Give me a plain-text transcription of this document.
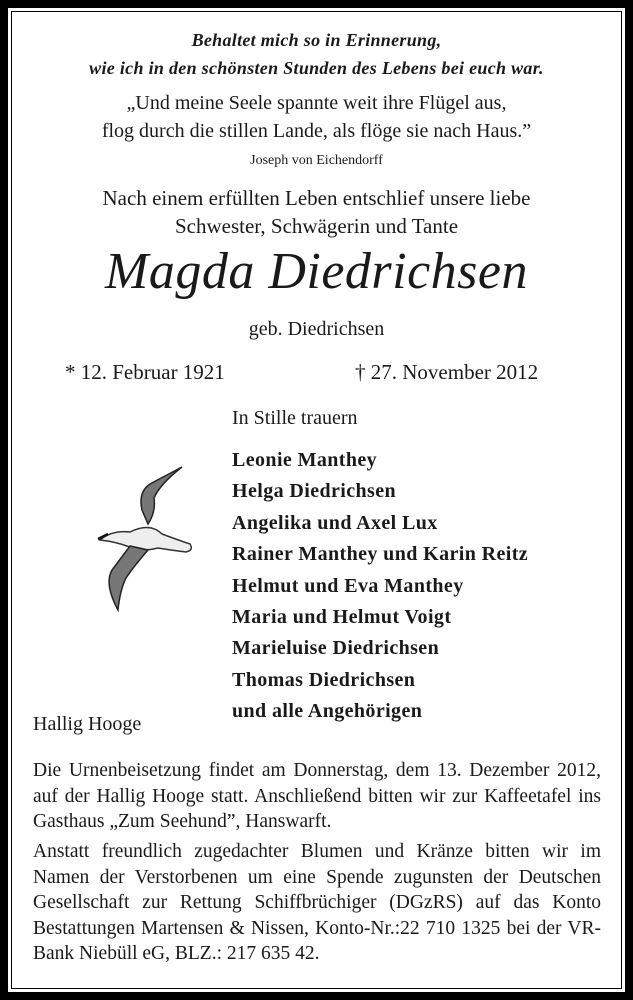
Behaltet mich so in Erinnerung,
wie ich in den schönsten Stunden des Lebens bei euch war.
„Und meine Seele spannte weit ihre Flügel aus,
flog durch die stillen Lande, als flöge sie nach Haus.”
Joseph von Eichendorff
Nach einem erfüllten Leben entschlief unsere liebe
Schwester, Schwägerin und Tante
Magda Diedrichsen
geb. Diedrichsen
* 12. Februar 1921	† 27. November 2012
In Stille trauern
Leonie Manthey
Helga Diedrichsen
Angelika und Axel Lux
Rainer Manthey und Karin Reitz
Helmut und Eva Manthey
Maria und Helmut Voigt
Marieluise Diedrichsen
Thomas Diedrichsen
und alle Angehörigen
Hallig Hooge
Die Urnenbeisetzung findet am Donnerstag, dem 13. Dezember 2012, auf der Hallig Hooge statt. Anschließend bitten wir zur Kaffeetafel ins Gasthaus „Zum Seehund”, Hanswarft.
Anstatt freundlich zugedachter Blumen und Kränze bitten wir im Namen der Verstorbenen um eine Spende zugunsten der Deutschen Gesellschaft zur Rettung Schiffbrüchiger (DGzRS) auf das Konto Bestattungen Martensen & Nissen, Konto-Nr.:22 710 1325 bei der VR-Bank Niebüll eG, BLZ.: 217 635 42.
